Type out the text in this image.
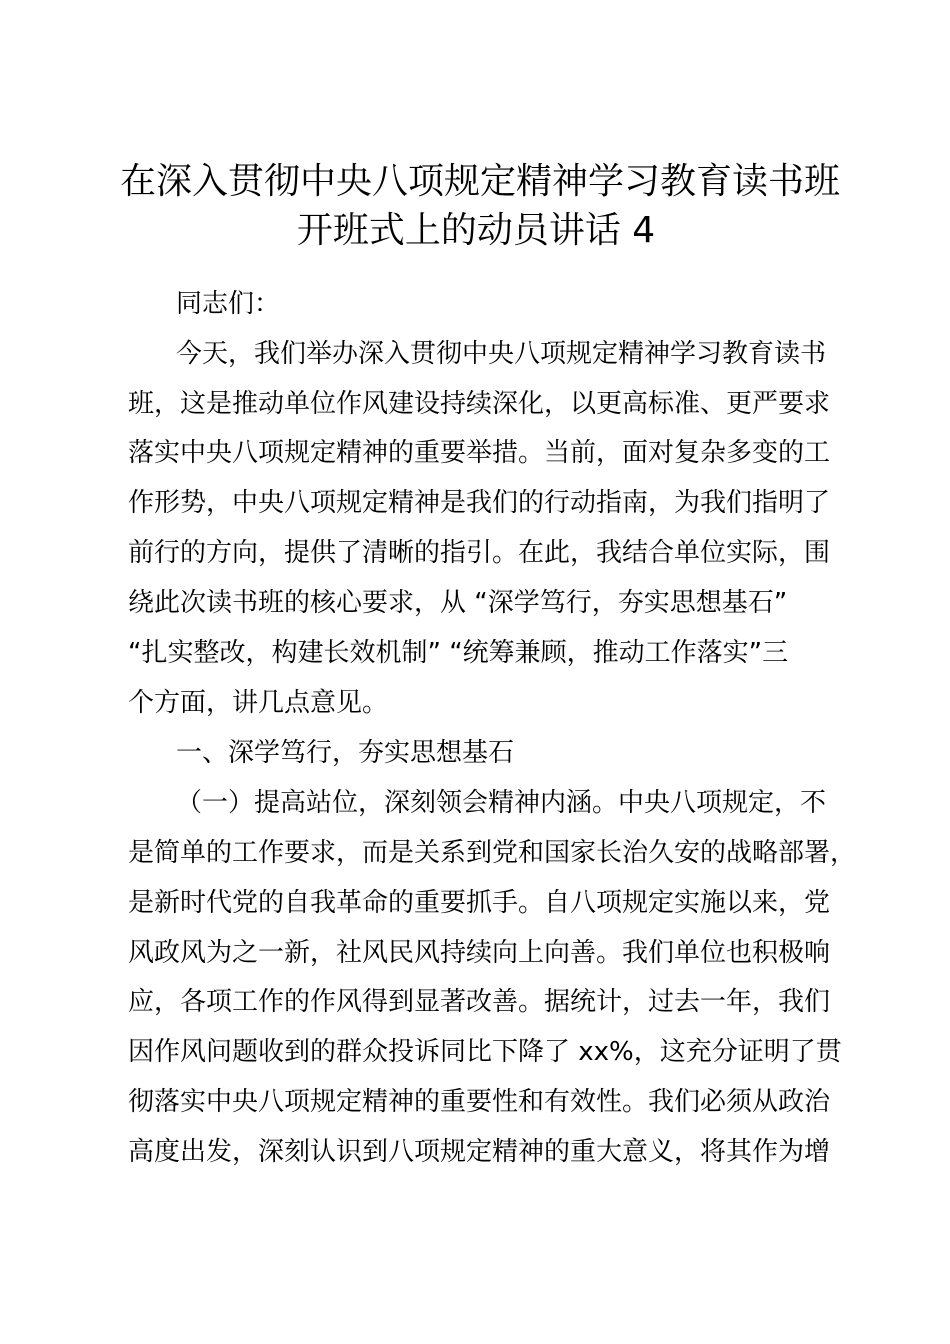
在深入贯彻中央八项规定精神学习教育读书班
开班式上的动员讲话 4
同志们：
今天，我们举办深入贯彻中央八项规定精神学习教育读书
班，这是推动单位作风建设持续深化，以更高标准、更严要求
落实中央八项规定精神的重要举措。当前，面对复杂多变的工
作形势，中央八项规定精神是我们的行动指南，为我们指明了
前行的方向，提供了清晰的指引。在此，我结合单位实际，围
绕此次读书班的核心要求，从 “深学笃行，夯实思想基石”
“扎实整改，构建长效机制” “统筹兼顾，推动工作落实”三
个方面，讲几点意见。
一、深学笃行，夯实思想基石
（一）提高站位，深刻领会精神内涵。中央八项规定，不
是简单的工作要求，而是关系到党和国家长治久安的战略部署，
是新时代党的自我革命的重要抓手。自八项规定实施以来，党
风政风为之一新，社风民风持续向上向善。我们单位也积极响
应，各项工作的作风得到显著改善。据统计，过去一年，我们
因作风问题收到的群众投诉同比下降了 xx%，这充分证明了贯
彻落实中央八项规定精神的重要性和有效性。我们必须从政治
高度出发，深刻认识到八项规定精神的重大意义，将其作为增
